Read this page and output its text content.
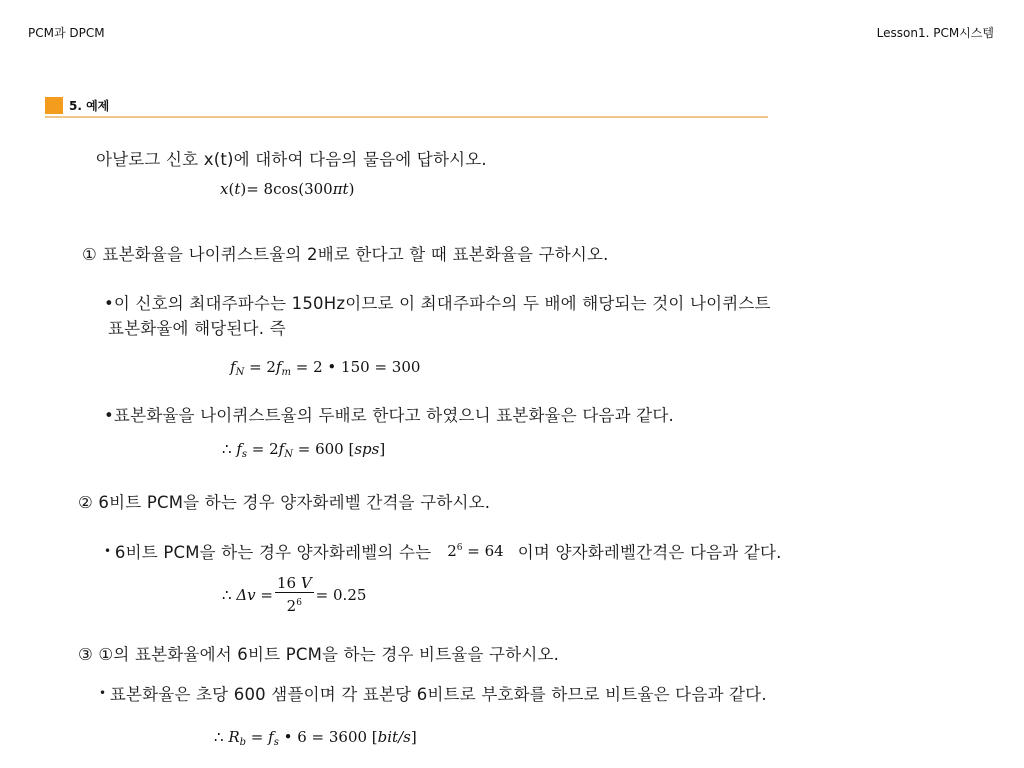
PCM과 DPCM	Lesson1. PCM시스템
5. 예제
아날로그 신호 x(t)에 대하여 다음의 물음에 답하시오.
x(t)= 8cos(300πt)
① 표본화율을 나이퀴스트율의 2배로 한다고 할 때 표본화율을 구하시오.
•이 신호의 최대주파수는 150Hz이므로 이 최대주파수의 두 배에 해당되는 것이 나이퀴스트
표본화율에 해당된다. 즉
$f_N = 2f_m = 2$ • 150 = 300
•표본화율을 나이퀴스트율의 두배로 한다고 하였으니 표본화율은 다음과 같다.
∴ $f_s = 2f_N = 600$ [sps]
② 6비트 PCM을 하는 경우 양자화레벨 간격을 구하시오.
• 6비트 PCM을 하는 경우 양자화레벨의 수는 $2^6 = 64$ 이며 양자화레벨간격은 다음과 같다.
∴ $\Delta v = \frac{16 V}{2^6} = 0.25$
③ ①의 표본화율에서 6비트 PCM을 하는 경우 비트율을 구하시오.
• 표본화율은 초당 600 샘플이며 각 표본당 6비트로 부호화를 하므로 비트율은 다음과 같다.
∴ $R_b = f_s$ • 6 = 3600 [bit/s]
